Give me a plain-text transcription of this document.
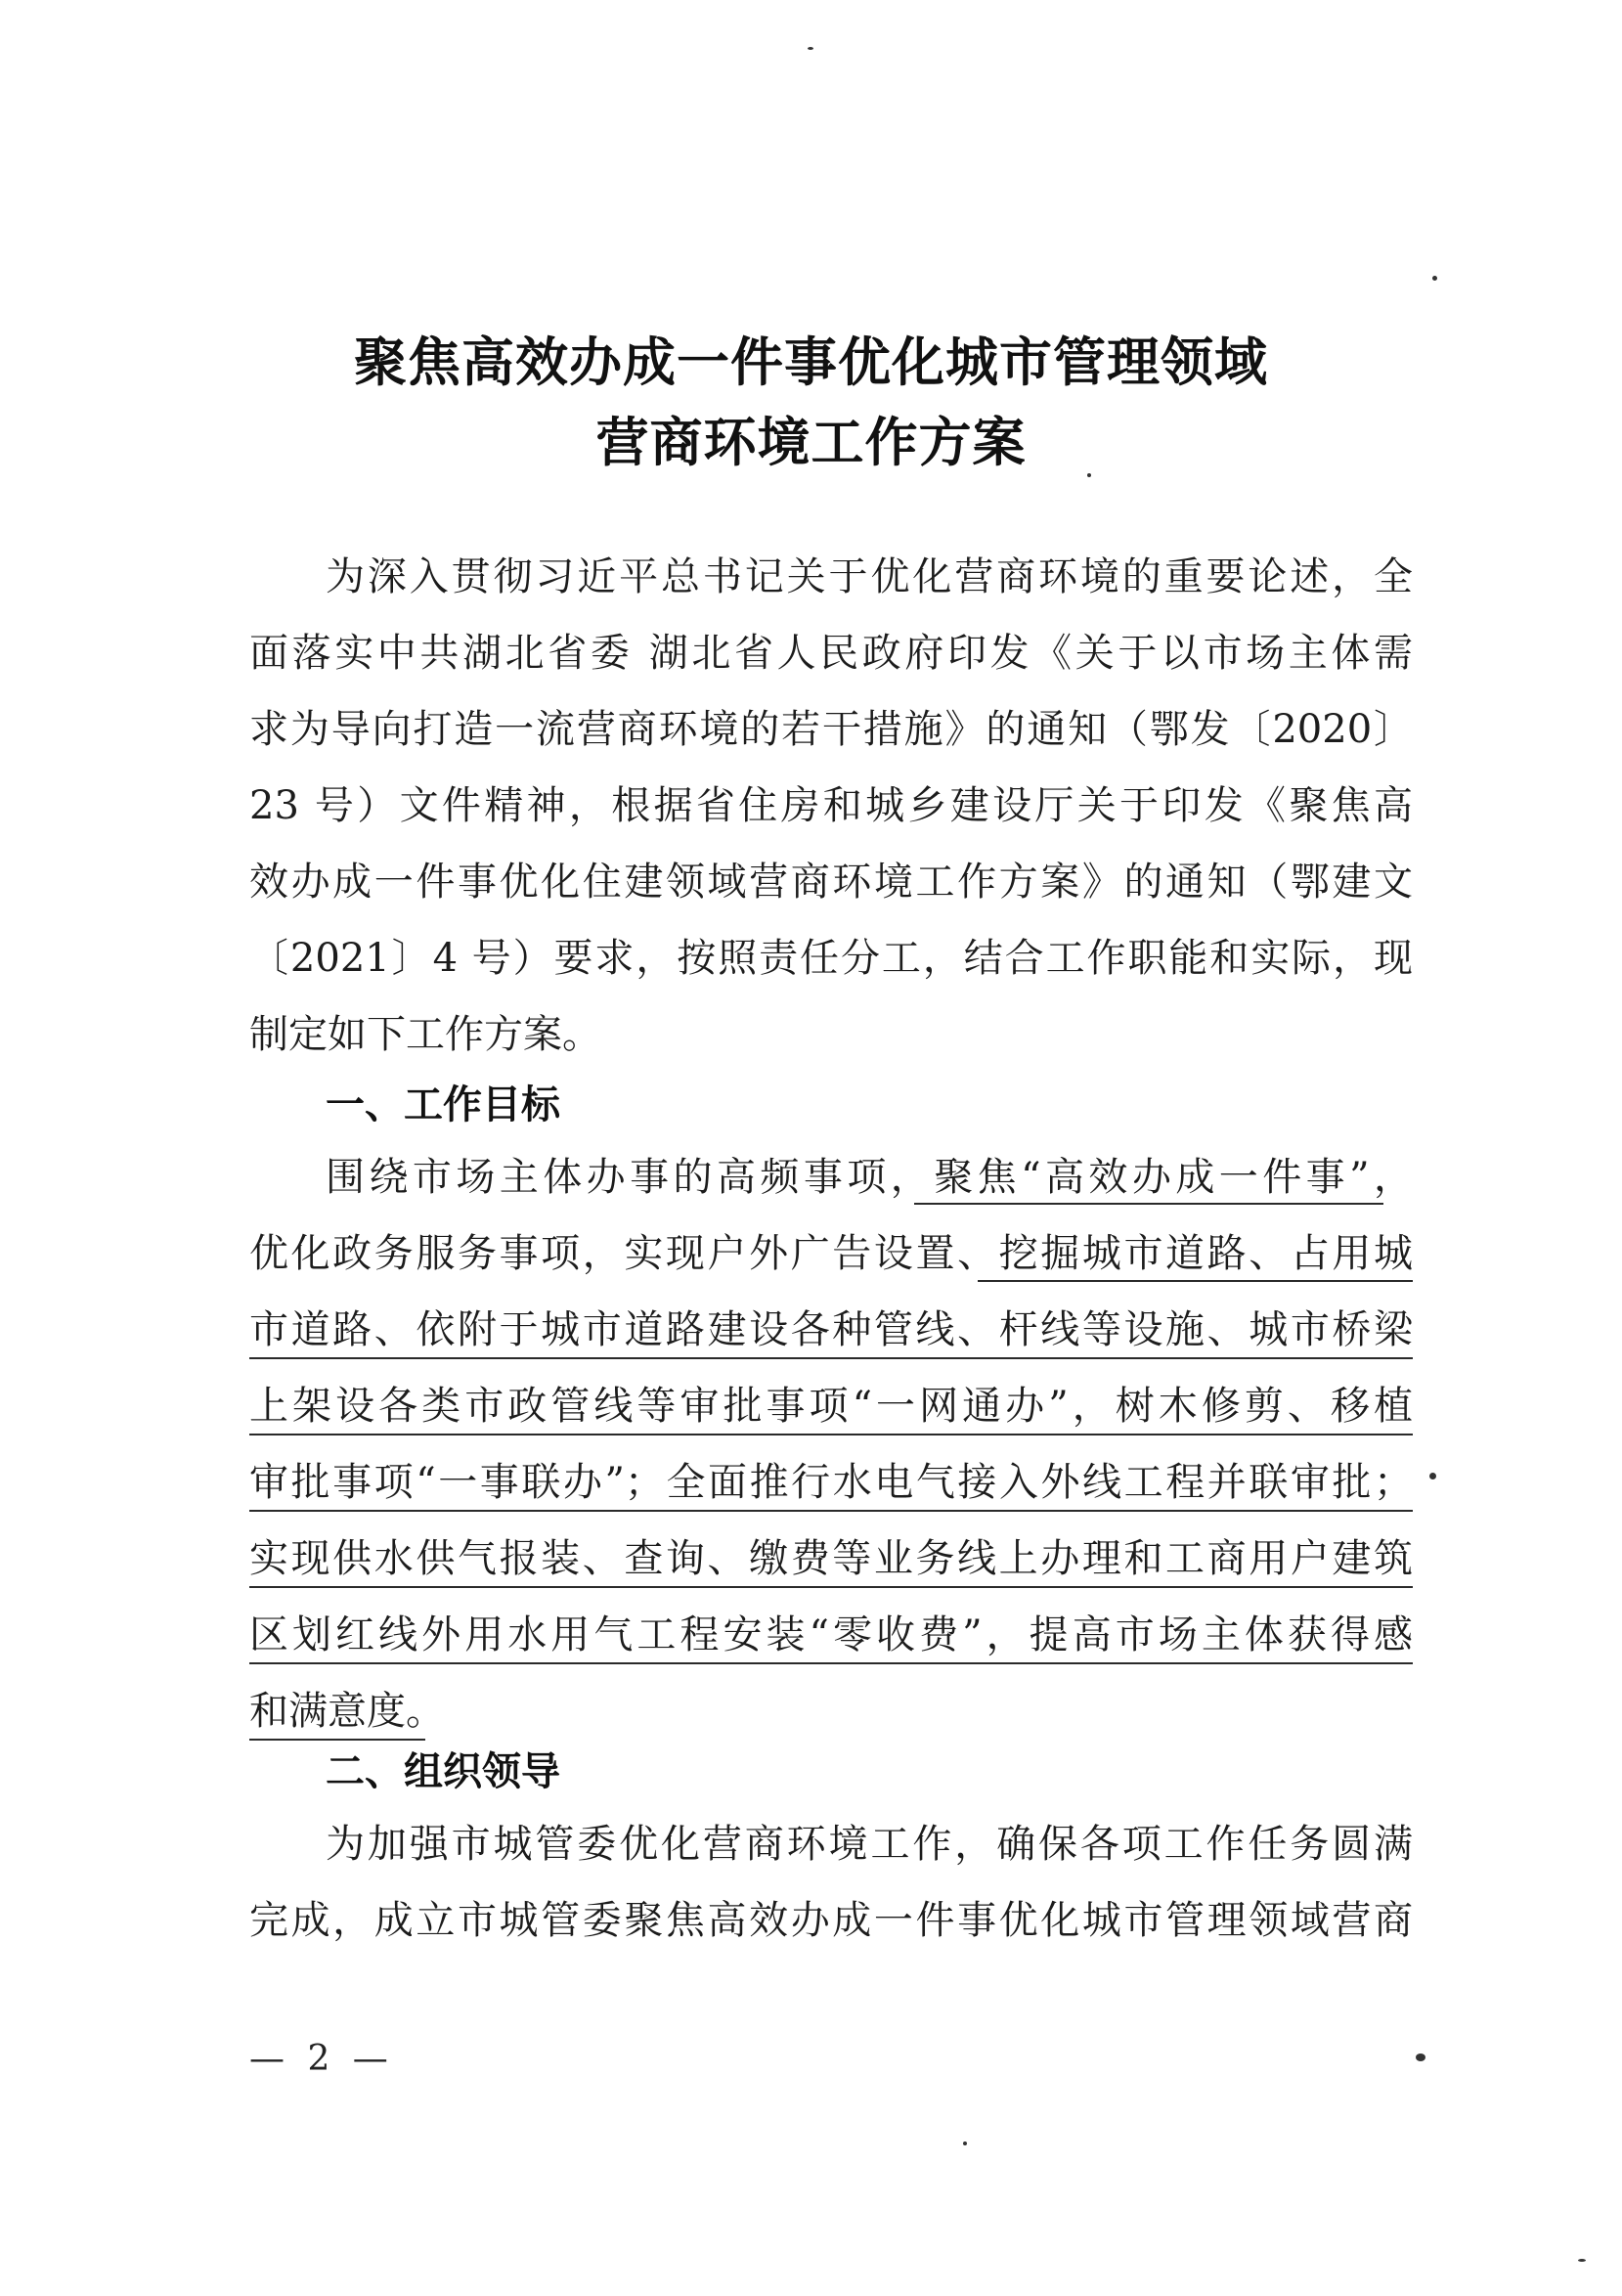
聚焦高效办成一件事优化城市管理领域
营商环境工作方案
为深入贯彻习近平总书记关于优化营商环境的重要论述，全
面落实中共湖北省委 湖北省人民政府印发《关于以市场主体需
求为导向打造一流营商环境的若干措施》的通知（鄂发〔2020〕
23 号）文件精神，根据省住房和城乡建设厅关于印发《聚焦高
效办成一件事优化住建领域营商环境工作方案》的通知（鄂建文
〔2021〕4 号）要求，按照责任分工，结合工作职能和实际，现
制定如下工作方案。
一、工作目标
围绕市场主体办事的高频事项，聚焦“高效办成一件事”，
优化政务服务事项，实现户外广告设置、挖掘城市道路、占用城
市道路、依附于城市道路建设各种管线、杆线等设施、城市桥梁
上架设各类市政管线等审批事项“一网通办”，树木修剪、移植
审批事项“一事联办”；全面推行水电气接入外线工程并联审批；
实现供水供气报装、查询、缴费等业务线上办理和工商用户建筑
区划红线外用水用气工程安装“零收费”，提高市场主体获得感
和满意度。
二、组织领导
为加强市城管委优化营商环境工作，确保各项工作任务圆满
完成，成立市城管委聚焦高效办成一件事优化城市管理领域营商
— 2 —
